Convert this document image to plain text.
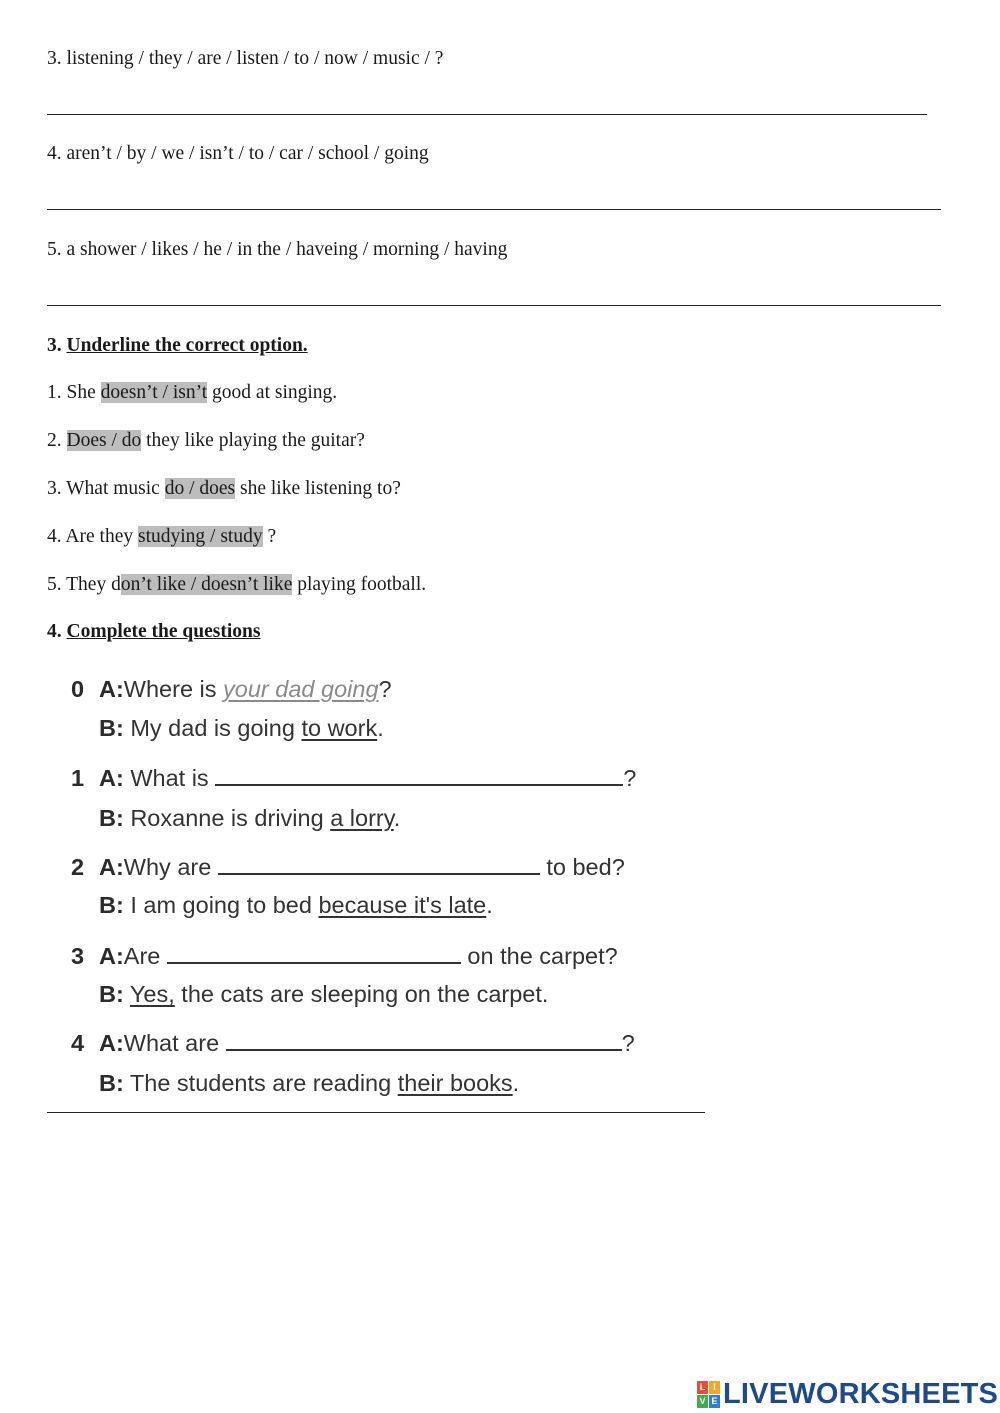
3. listening / they / are / listen / to / now / music / ?
4. aren’t / by / we / isn’t / to / car / school / going
5. a shower / likes / he / in the / haveing / morning / having
3. Underline the correct option.
1. She doesn’t / isn’t good at singing.
2. Does / do they like playing the guitar?
3. What music do / does she like listening to?
4. Are they studying / study ?
5. They don’t like / doesn’t like playing football.
4. Complete the questions
0 A:Where is your dad going?
B: My dad is going to work.
1 A: What is	?
B: Roxanne is driving a lorry.
2 A:Why are	to bed?
B: I am going to bed because it's late.
3 A:Are	on the carpet?
B: Yes, the cats are sleeping on the carpet.
4 A:What are	?
B: The students are reading their books.
L I
V E LIVEWORKSHEETS
